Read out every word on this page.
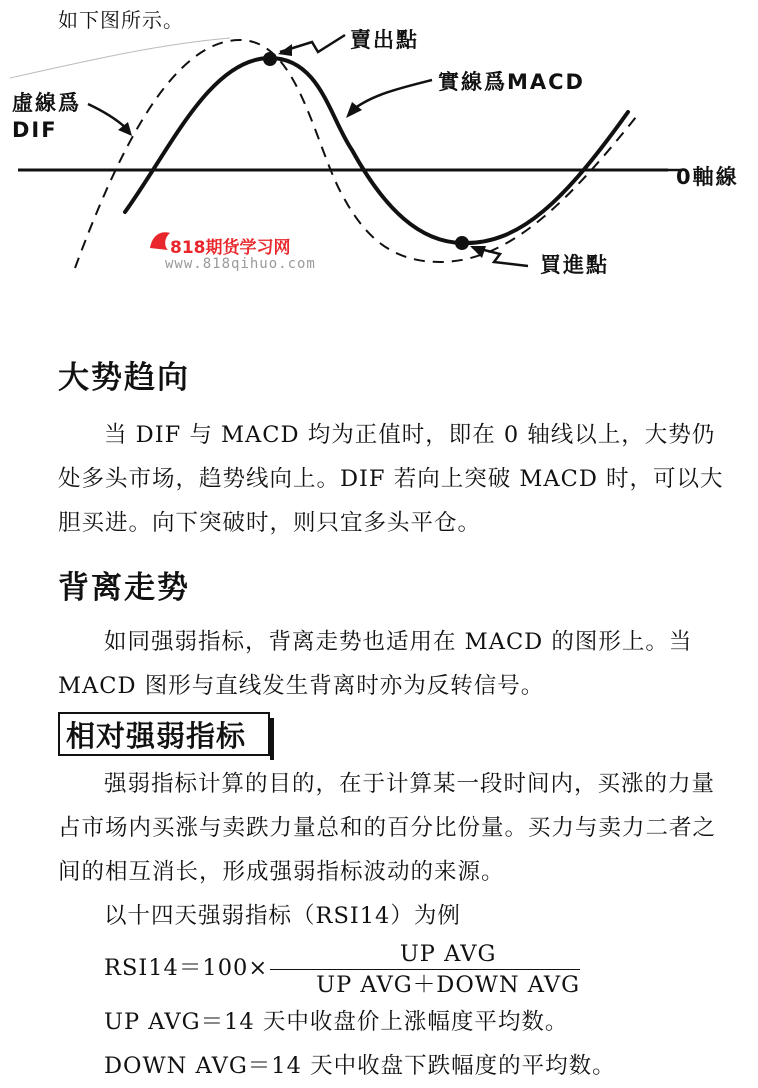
如下图所示。
賣出點
實線爲MACD
虛線爲
DIF
0軸線
買進點
818期货学习网
www.818qihuo.com
大势趋向

当 DIF 与 MACD 均为正值时，即在 0 轴线以上，大势仍处多头市场，趋势线向上。DIF 若向上突破 MACD 时，可以大胆买进。向下突破时，则只宜多头平仓。

背离走势

如同强弱指标，背离走势也适用在 MACD 的图形上。当 MACD 图形与直线发生背离时亦为反转信号。

相对强弱指标

强弱指标计算的目的，在于计算某一段时间内，买涨的力量占市场内买涨与卖跌力量总和的百分比份量。买力与卖力二者之间的相互消长，形成强弱指标波动的来源。

以十四天强弱指标（RSI14）为例

$RSI14=100\times \frac{\text{UP AVG}}{\text{UP AVG＋DOWN AVG}}$

UP AVG＝14 天中收盘价上涨幅度平均数。

DOWN AVG＝14 天中收盘下跌幅度的平均数。
